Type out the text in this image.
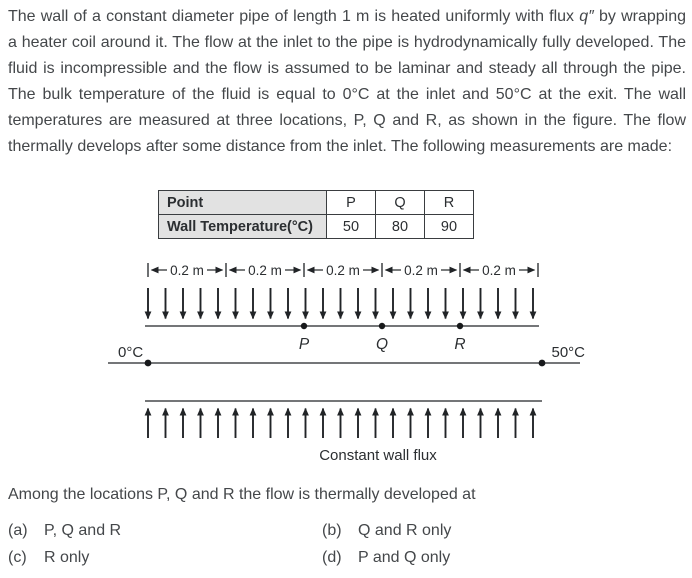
The wall of a constant diameter pipe of length 1 m is heated uniformly with flux q″ by wrapping a heater coil around it. The flow at the inlet to the pipe is hydrodynamically fully developed. The fluid is incompressible and the flow is assumed to be laminar and steady all through the pipe. The bulk temperature of the fluid is equal to 0°C at the inlet and 50°C at the exit. The wall temperatures are measured at three locations, P, Q and R, as shown in the figure. The flow thermally develops after some distance from the inlet. The following measurements are made:

Point	P	Q	R
Wall Temperature(°C)	50	80	90
0.2 m	0.2 m	0.2 m	0.2 m	0.2 m
P	Q	R
0°C	50°C
Constant wall flux
Among the locations P, Q and R the flow is thermally developed at
(a) P, Q and R	(b) Q and R only
(c) R only	(d) P and Q only
